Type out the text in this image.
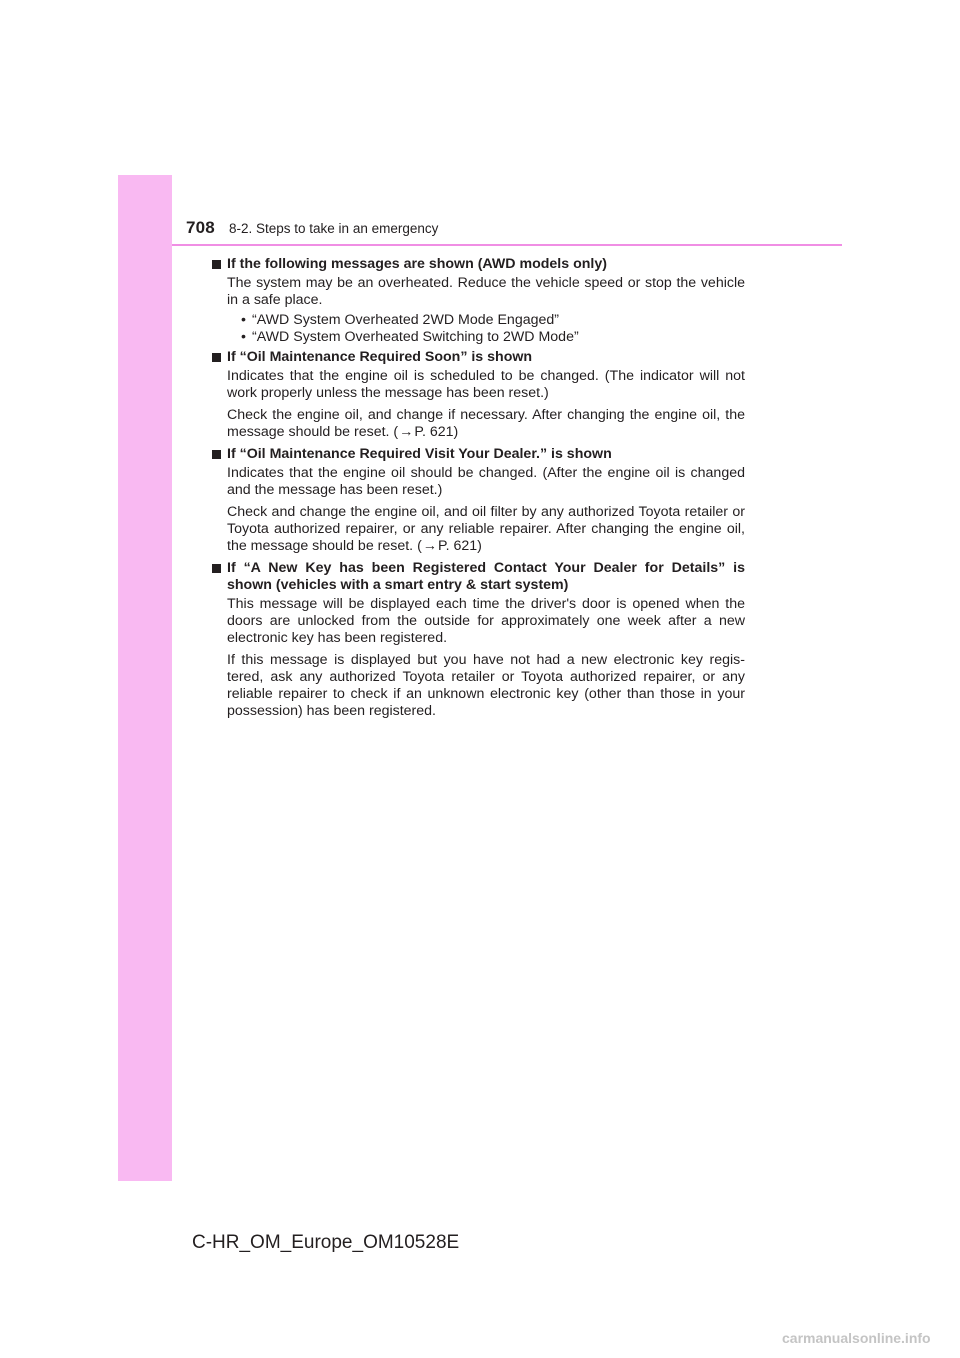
708 8-2. Steps to take in an emergency
If the following messages are shown (AWD models only)
The system may be an overheated. Reduce the vehicle speed or stop the vehicle in a safe place.
• “AWD System Overheated 2WD Mode Engaged”
• “AWD System Overheated Switching to 2WD Mode”
If “Oil Maintenance Required Soon” is shown
Indicates that the engine oil is scheduled to be changed. (The indicator will not work properly unless the message has been reset.)
Check the engine oil, and change if necessary. After changing the engine oil, the message should be reset. (→P. 621)
If “Oil Maintenance Required Visit Your Dealer.” is shown
Indicates that the engine oil should be changed. (After the engine oil is changed and the message has been reset.)
Check and change the engine oil, and oil filter by any authorized Toyota retailer or Toyota authorized repairer, or any reliable repairer. After changing the engine oil, the message should be reset. (→P. 621)
If “A New Key has been Registered Contact Your Dealer for Details” is shown (vehicles with a smart entry & start system)
This message will be displayed each time the driver's door is opened when the doors are unlocked from the outside for approximately one week after a new electronic key has been registered.
If this message is displayed but you have not had a new electronic key regis-tered, ask any authorized Toyota retailer or Toyota authorized repairer, or any reliable repairer to check if an unknown electronic key (other than those in your possession) has been registered.
C-HR_OM_Europe_OM10528E
carmanualsonline.info
